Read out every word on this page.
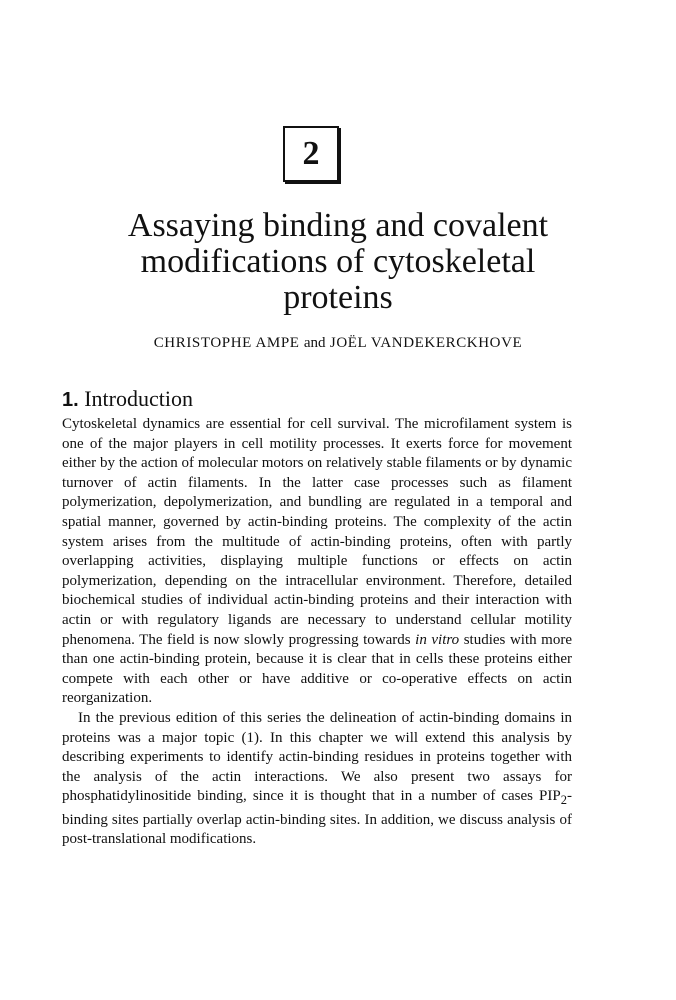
2
Assaying binding and covalent
modifications of cytoskeletal
proteins
CHRISTOPHE AMPE and JOËL VANDEKERCKHOVE
1. Introduction

Cytoskeletal dynamics are essential for cell survival. The microfilament system is one of the major players in cell motility processes. It exerts force for movement either by the action of molecular motors on relatively stable filaments or by dynamic turnover of actin filaments. In the latter case processes such as filament polymerization, depolymerization, and bundling are regulated in a temporal and spatial manner, governed by actin-binding proteins. The complexity of the actin system arises from the multitude of actin-binding proteins, often with partly overlapping activities, displaying multiple functions or effects on actin polymerization, depending on the intracellular environment. Therefore, detailed biochemical studies of individual actin-binding proteins and their interaction with actin or with regulatory ligands are necessary to understand cellular motility phenomena. The field is now slowly progressing towards in vitro studies with more than one actin-binding protein, because it is clear that in cells these proteins either compete with each other or have additive or co-operative effects on actin reorganization.

In the previous edition of this series the delineation of actin-binding domains in proteins was a major topic (1). In this chapter we will extend this analysis by describing experiments to identify actin-binding residues in proteins together with the analysis of the actin interactions. We also present two assays for phosphatidylinositide binding, since it is thought that in a number of cases $PIP_2$-binding sites partially overlap actin-binding sites. In addition, we discuss analysis of post-translational modifications.
